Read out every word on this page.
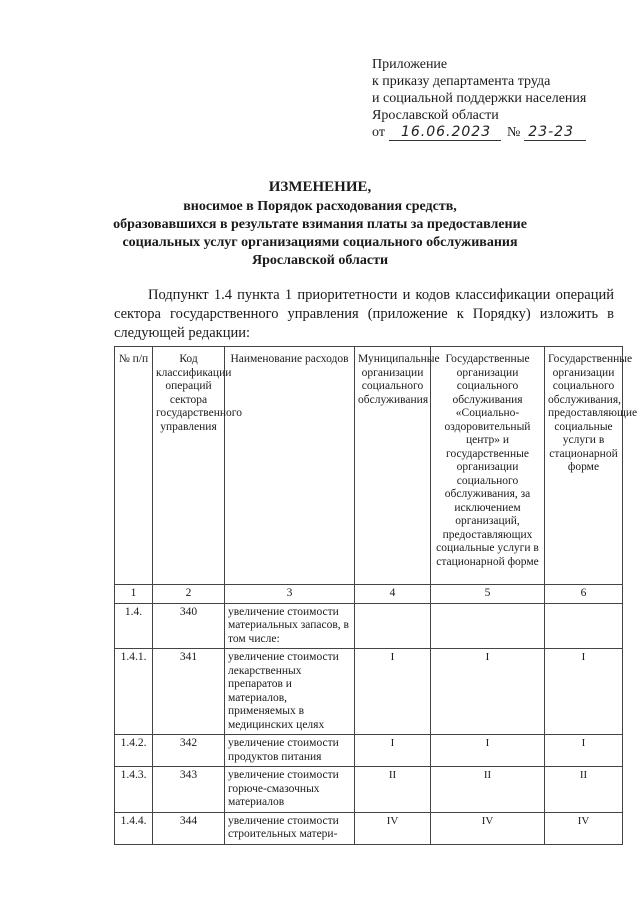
Приложение
к приказу департамента труда
и социальной поддержки населения
Ярославской области
от	16.06.2023	№ 23-23
ИЗМЕНЕНИЕ,
вносимое в Порядок расходования средств,
образовавшихся в результате взимания платы за предоставление
социальных услуг организациями социального обслуживания
Ярославской области
Подпункт 1.4 пункта 1 приоритетности и кодов классификации операций сектора государственного управления (приложение к Порядку) изложить в следующей редакции:
№ п/п	Код классификации операций сектора государственного управления	Наименование расходов	Муниципальные организации социального обслуживания	Государственные организации социального обслуживания «Социально-оздоровительный центр» и государственные организации социального обслуживания, за исключением организаций, предоставляющих социальные услуги в стационарной форме	Государственные организации социального обслуживания, предоставляющие социальные услуги в стационарной форме
1	2	3	4	5	6
1.4.	340	увеличение стоимости материальных запасов, в том числе:			
1.4.1.	341	увеличение стоимости лекарственных препаратов и материалов, применяемых в медицинских целях	I	I	I
1.4.2.	342	увеличение стоимости продуктов питания	I	I	I
1.4.3.	343	увеличение стоимости горюче-смазочных материалов	II	II	II
1.4.4.	344	увеличение стоимости строительных матери-	IV	IV	IV
